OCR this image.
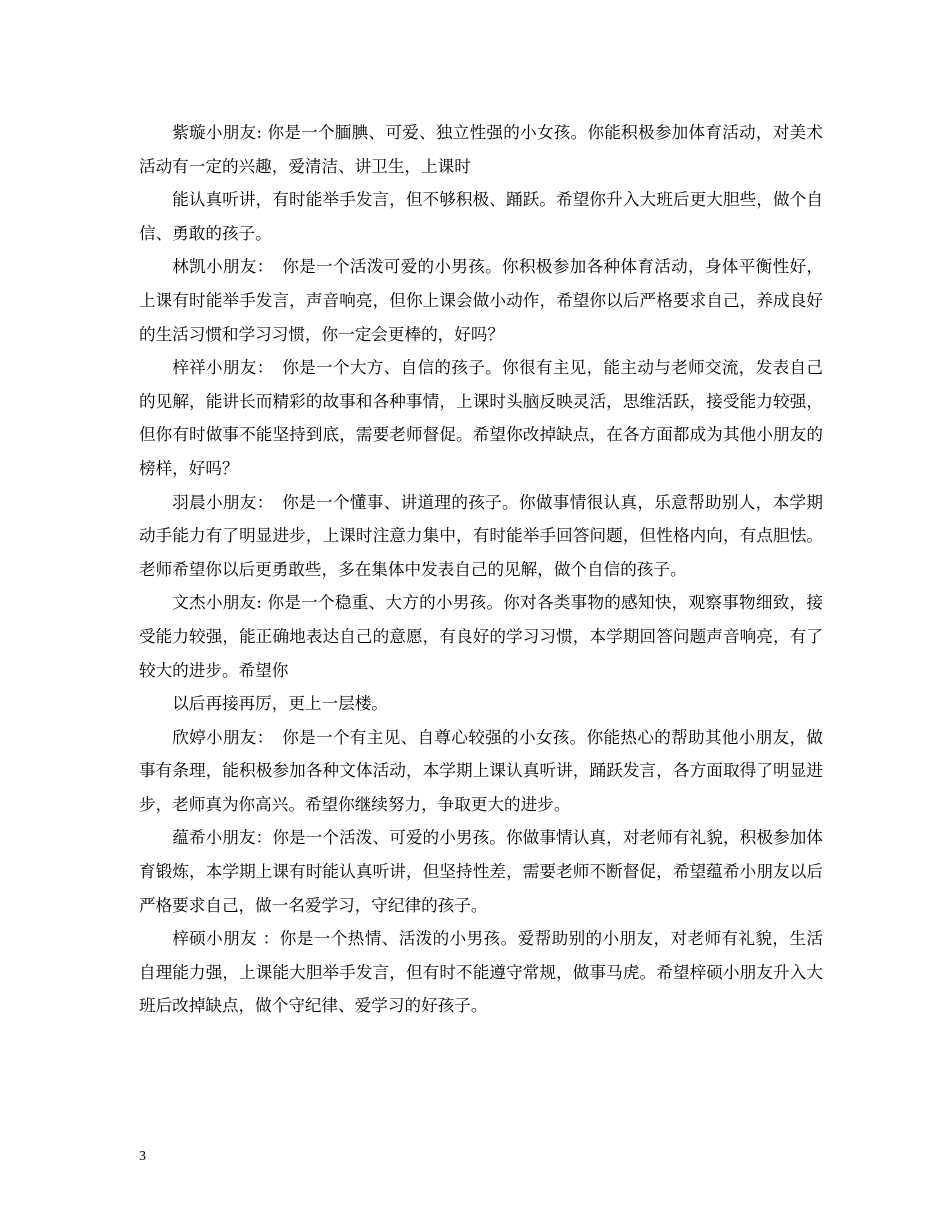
紫璇小朋友: 你是一个腼腆、可爱、独立性强的小女孩。你能积极参加体育活动，对美术活动有一定的兴趣，爱清洁、讲卫生，上课时

能认真听讲，有时能举手发言，但不够积极、踊跃。希望你升入大班后更大胆些，做个自信、勇敢的孩子。

林凯小朋友：　你是一个活泼可爱的小男孩。你积极参加各种体育活动，身体平衡性好，上课有时能举手发言，声音响亮，但你上课会做小动作，希望你以后严格要求自己，养成良好的生活习惯和学习习惯，你一定会更棒的，好吗？

梓祥小朋友：　你是一个大方、自信的孩子。你很有主见，能主动与老师交流，发表自己的见解，能讲长而精彩的故事和各种事情，上课时头脑反映灵活，思维活跃，接受能力较强，但你有时做事不能坚持到底，需要老师督促。希望你改掉缺点，在各方面都成为其他小朋友的榜样，好吗？

羽晨小朋友：　你是一个懂事、讲道理的孩子。你做事情很认真，乐意帮助别人，本学期动手能力有了明显进步，上课时注意力集中，有时能举手回答问题，但性格内向，有点胆怯。老师希望你以后更勇敢些，多在集体中发表自己的见解，做个自信的孩子。

文杰小朋友: 你是一个稳重、大方的小男孩。你对各类事物的感知快，观察事物细致，接受能力较强，能正确地表达自己的意愿，有良好的学习习惯，本学期回答问题声音响亮，有了较大的进步。希望你

以后再接再厉，更上一层楼。

欣婷小朋友：　你是一个有主见、自尊心较强的小女孩。你能热心的帮助其他小朋友，做事有条理，能积极参加各种文体活动，本学期上课认真听讲，踊跃发言，各方面取得了明显进步，老师真为你高兴。希望你继续努力，争取更大的进步。

蕴希小朋友：你是一个活泼、可爱的小男孩。你做事情认真，对老师有礼貌，积极参加体育锻炼，本学期上课有时能认真听讲，但坚持性差，需要老师不断督促，希望蕴希小朋友以后严格要求自己，做一名爱学习，守纪律的孩子。

梓硕小朋友 ：你是一个热情、活泼的小男孩。爱帮助别的小朋友，对老师有礼貌，生活自理能力强，上课能大胆举手发言，但有时不能遵守常规，做事马虎。希望梓硕小朋友升入大班后改掉缺点，做个守纪律、爱学习的好孩子。

3
